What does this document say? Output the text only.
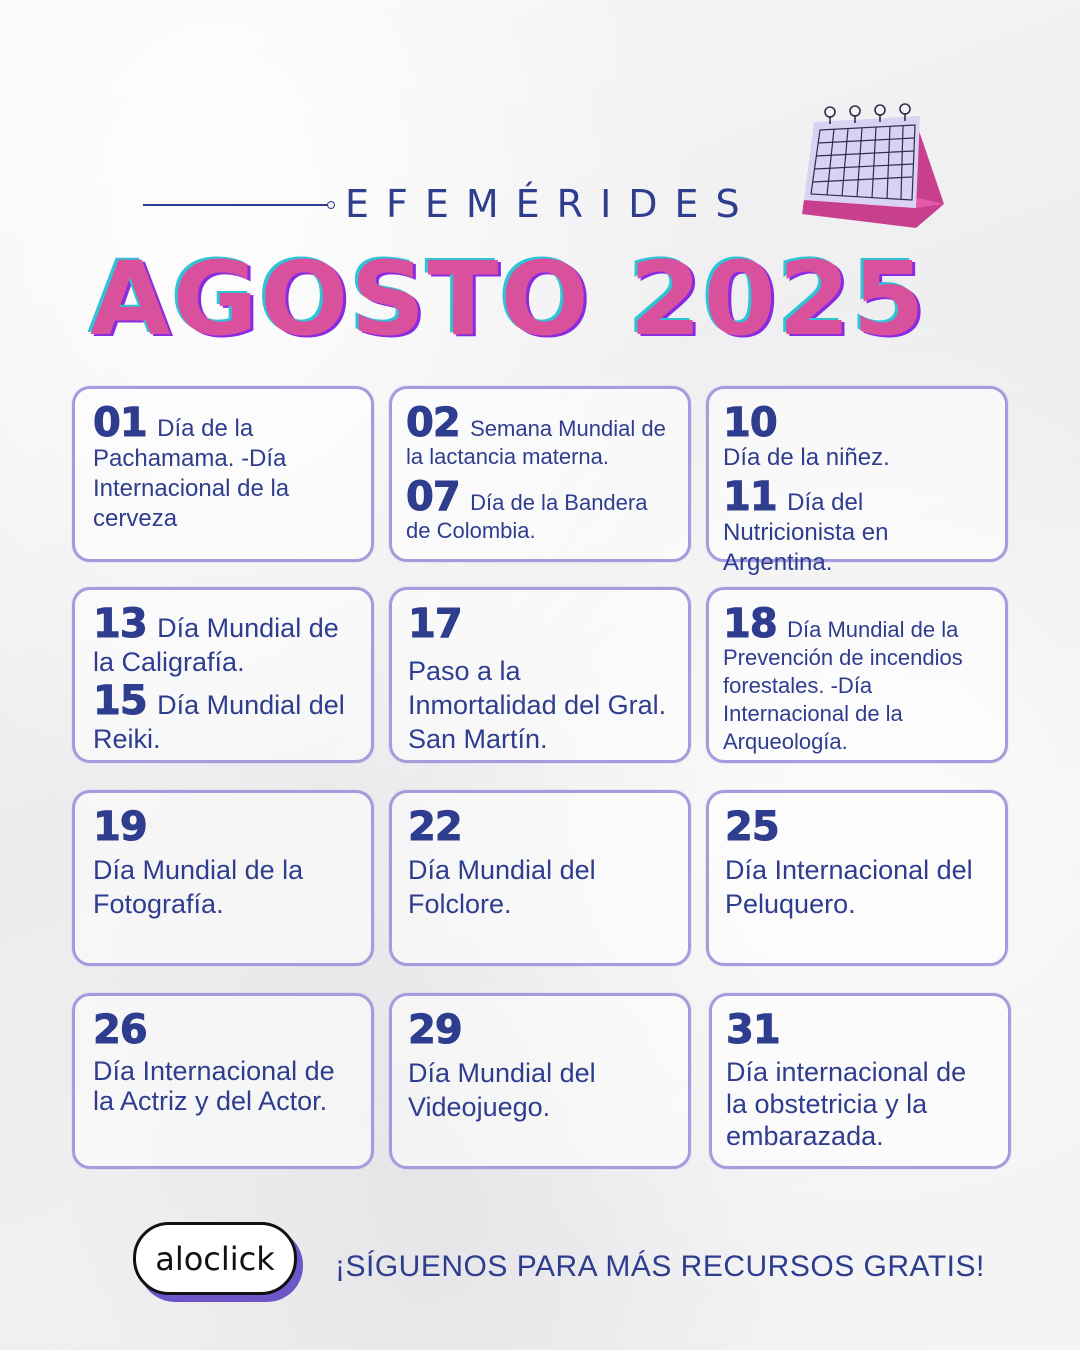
EFEMÉRIDES
AGOSTO 2025
01 Día de la Pachamama. -Día Internacional de la cerveza
02 Semana Mundial de la lactancia materna.
07 Día de la Bandera de Colombia.
10
Día de la niñez.
11 Día del Nutricionista en Argentina.
13 Día Mundial de la Caligrafía.
15 Día Mundial del Reiki.
17
Paso a la Inmortalidad del Gral. San Martín.
18 Día Mundial de la Prevención de incendios forestales. -Día Internacional de la Arqueología.
19
Día Mundial de la Fotografía.
22
Día Mundial del Folclore.
25
Día Internacional del Peluquero.
26
Día Internacional de la Actriz y del Actor.
29
Día Mundial del Videojuego.
31
Día internacional de la obstetricia y la embarazada.
aloclick	¡SÍGUENOS PARA MÁS RECURSOS GRATIS!
